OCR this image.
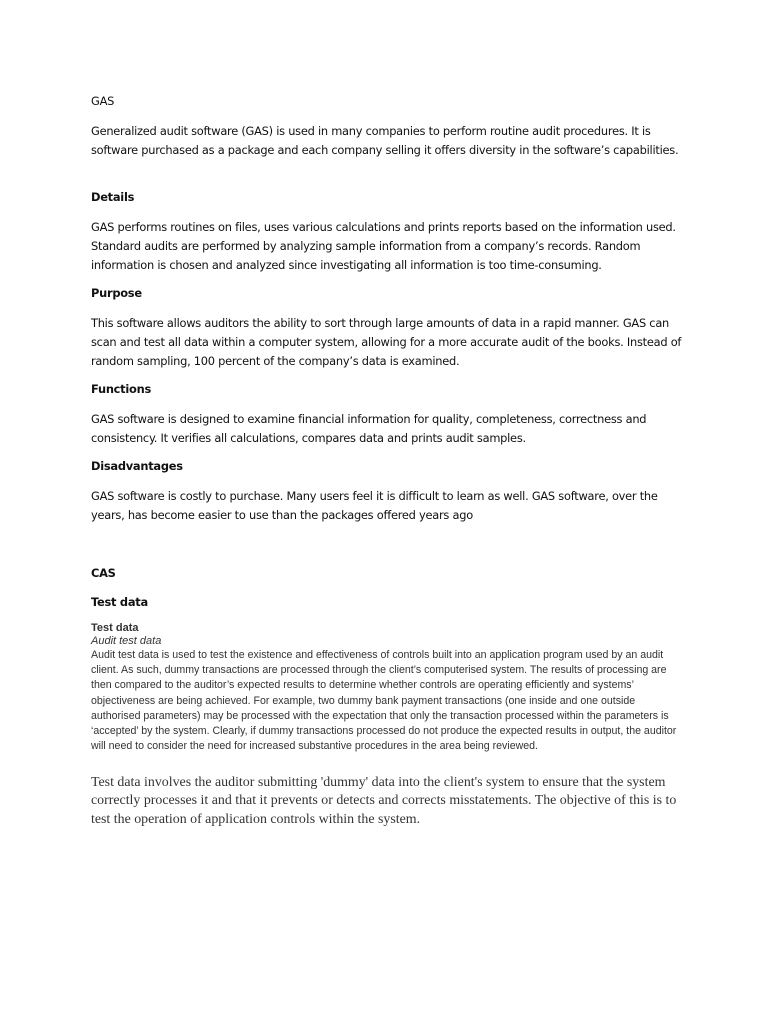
GAS

Generalized audit software (GAS) is used in many companies to perform routine audit procedures. It is software purchased as a package and each company selling it offers diversity in the software’s capabilities.

Details

GAS performs routines on files, uses various calculations and prints reports based on the information used. Standard audits are performed by analyzing sample information from a company’s records. Random information is chosen and analyzed since investigating all information is too time-consuming.

Purpose

This software allows auditors the ability to sort through large amounts of data in a rapid manner. GAS can scan and test all data within a computer system, allowing for a more accurate audit of the books. Instead of random sampling, 100 percent of the company’s data is examined.

Functions

GAS software is designed to examine financial information for quality, completeness, correctness and consistency. It verifies all calculations, compares data and prints audit samples.

Disadvantages

GAS software is costly to purchase. Many users feel it is difficult to learn as well. GAS software, over the years, has become easier to use than the packages offered years ago

CAS

Test data

Test data

Audit test data

Audit test data is used to test the existence and effectiveness of controls built into an application program used by an audit client. As such, dummy transactions are processed through the client’s computerised system. The results of processing are then compared to the auditor’s expected results to determine whether controls are operating efficiently and systems’ objectiveness are being achieved. For example, two dummy bank payment transactions (one inside and one outside authorised parameters) may be processed with the expectation that only the transaction processed within the parameters is ‘accepted’ by the system. Clearly, if dummy transactions processed do not produce the expected results in output, the auditor will need to consider the need for increased substantive procedures in the area being reviewed.

Test data involves the auditor submitting 'dummy' data into the client's system to ensure that the system correctly processes it and that it prevents or detects and corrects misstatements. The objective of this is to test the operation of application controls within the system.
